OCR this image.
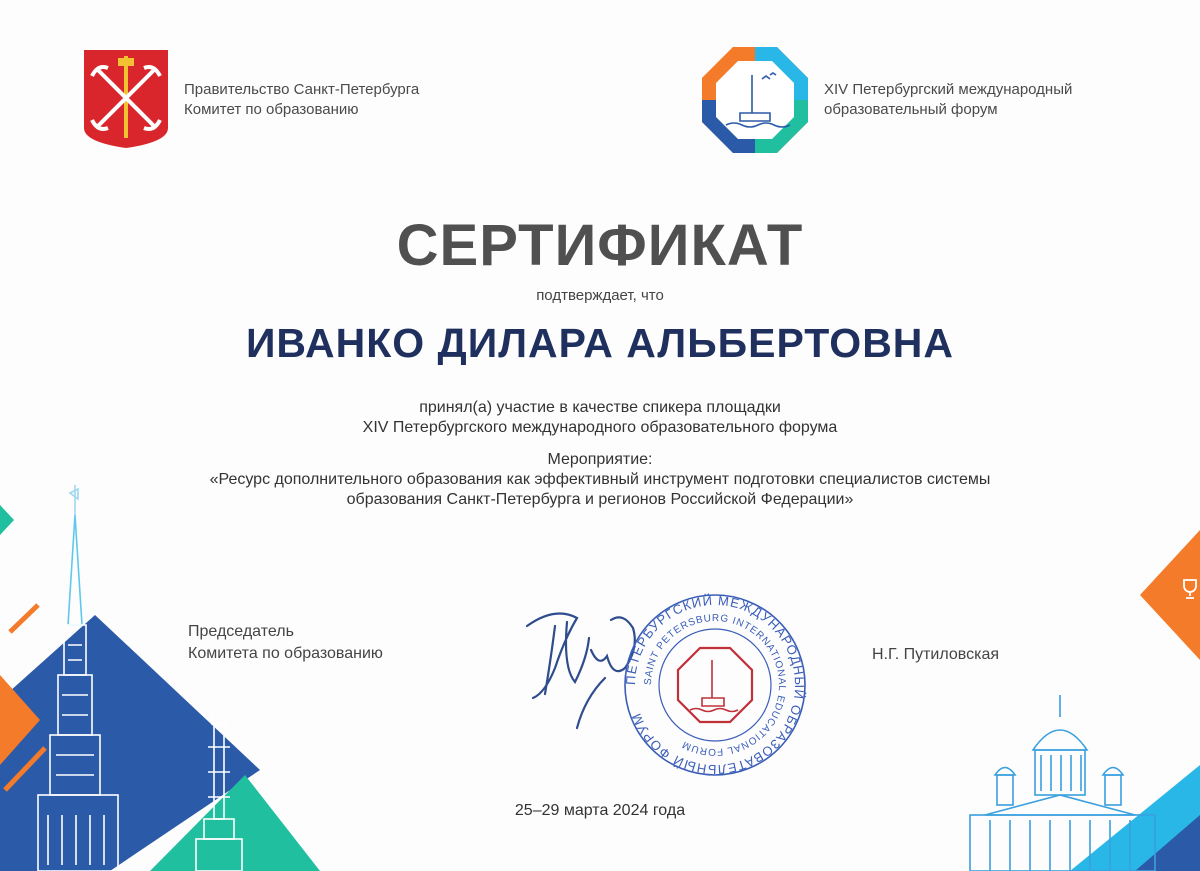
Правительство Санкт-Петербурга
Комитет по образованию
XIV Петербургский международный
образовательный форум
СЕРТИФИКАТ
подтверждает, что
ИВАНКО ДИЛАРА АЛЬБЕРТОВНА
принял(а) участие в качестве спикера площадки
XIV Петербургского международного образовательного форума
Мероприятие:
«Ресурс дополнительного образования как эффективный инструмент подготовки специалистов системы образования Санкт-Петербурга и регионов Российской Федерации»
Председатель
Комитета по образованию
ПЕТЕРБУРГСКИЙ МЕЖДУНАРОДНЫЙ ОБРАЗОВАТЕЛЬНЫЙ ФОРУМ
SAINT PETERSBURG INTERNATIONAL EDUCATIONAL FORUM
Н.Г. Путиловская
25–29 марта 2024 года
